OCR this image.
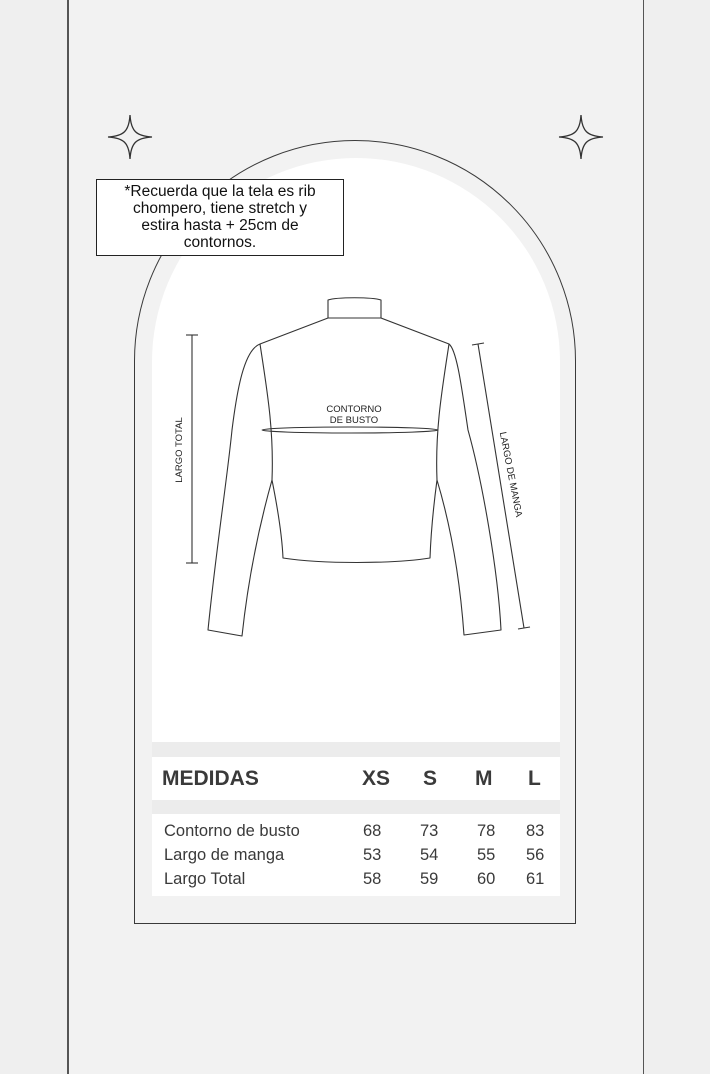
*Recuerda que la tela es rib
chompero, tiene stretch y
estira hasta + 25cm de
contornos.
LARGO TOTAL
CONTORNO
DE BUSTO
LARGO DE MANGA
MEDIDAS	XS S M L
Contorno de busto	68 73 78 83
Largo de manga	53 54 55 56
Largo Total	58 59 60 61
